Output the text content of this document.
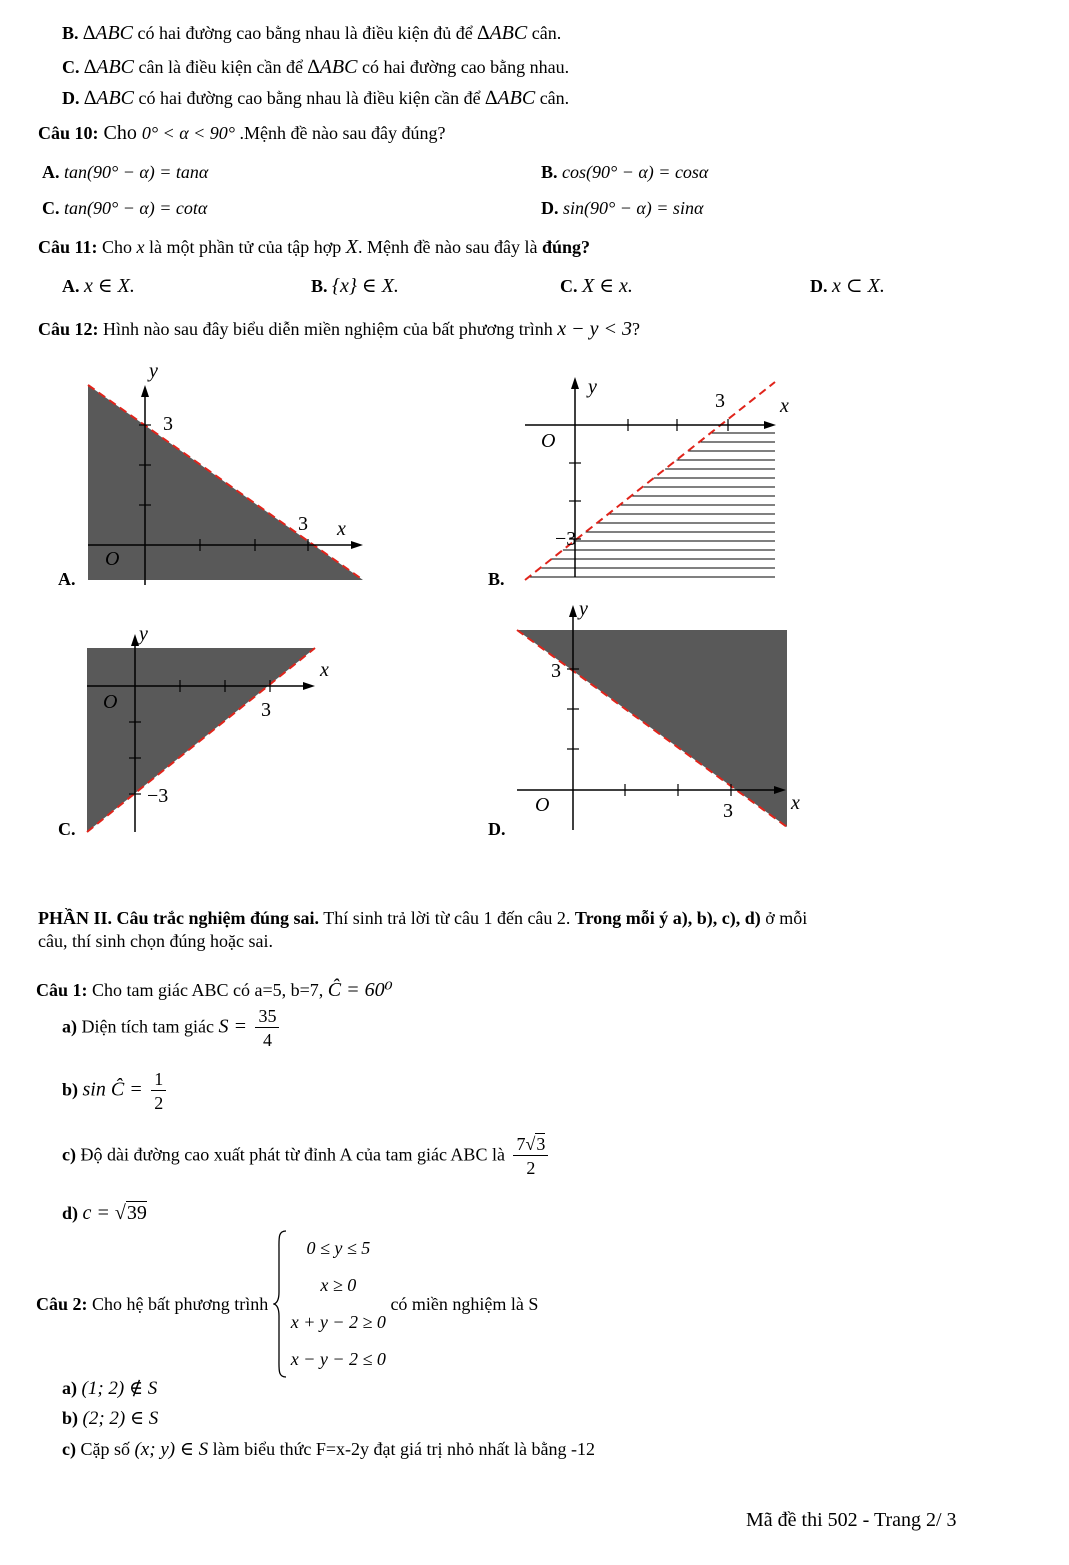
B. ∆ABC có hai đường cao bằng nhau là điều kiện đủ để ∆ABC cân.
C. ∆ABC cân là điều kiện cần để ∆ABC có hai đường cao bằng nhau.
D. ∆ABC có hai đường cao bằng nhau là điều kiện cần để ∆ABC cân.
Câu 10: Cho 0° < α < 90° .Mệnh đề nào sau đây đúng?
A. tan(90° − α) = tanα	B. cos(90° − α) = cosα
C. tan(90° − α) = cotα	D. sin(90° − α) = sinα
Câu 11: Cho x là một phần tử của tập hợp X. Mệnh đề nào sau đây là đúng?
A. x ∈ X.	B. {x} ∈ X.	C. X ∈ x.	D. x ⊂ X.
Câu 12: Hình nào sau đây biểu diễn miền nghiệm của bất phương trình x − y < 3?
y
3
3 x
O
A.
y
3	x
O
−3
B.
y
x
O	3
−3
C.
y
3
O	3	x
D.
PHẦN II. Câu trắc nghiệm đúng sai. Thí sinh trả lời từ câu 1 đến câu 2. Trong mỗi ý a), b), c), d) ở mỗi
câu, thí sinh chọn đúng hoặc sai.
Câu 1: Cho tam giác ABC có a=5, b=7, Ĉ = 60⁰
a) Diện tích tam giác $S = \frac{35}{4}$
b) sin Ĉ = $\frac{1}{2}$
c) Độ dài đường cao xuất phát từ đỉnh A của tam giác ABC là $\frac{7√3}{2}$
d) c = √39
Câu 2: Cho hệ bất phương trình
0 ≤ y ≤ 5
x ≥ 0
x + y − 2 ≥ 0
x − y − 2 ≤ 0
có miền nghiệm là S
a) (1; 2) ∉ S
b) (2; 2) ∈ S
c) Cặp số (x; y) ∈ S làm biểu thức F=x-2y đạt giá trị nhỏ nhất là bằng -12
Mã đề thi 502 - Trang 2/ 3
